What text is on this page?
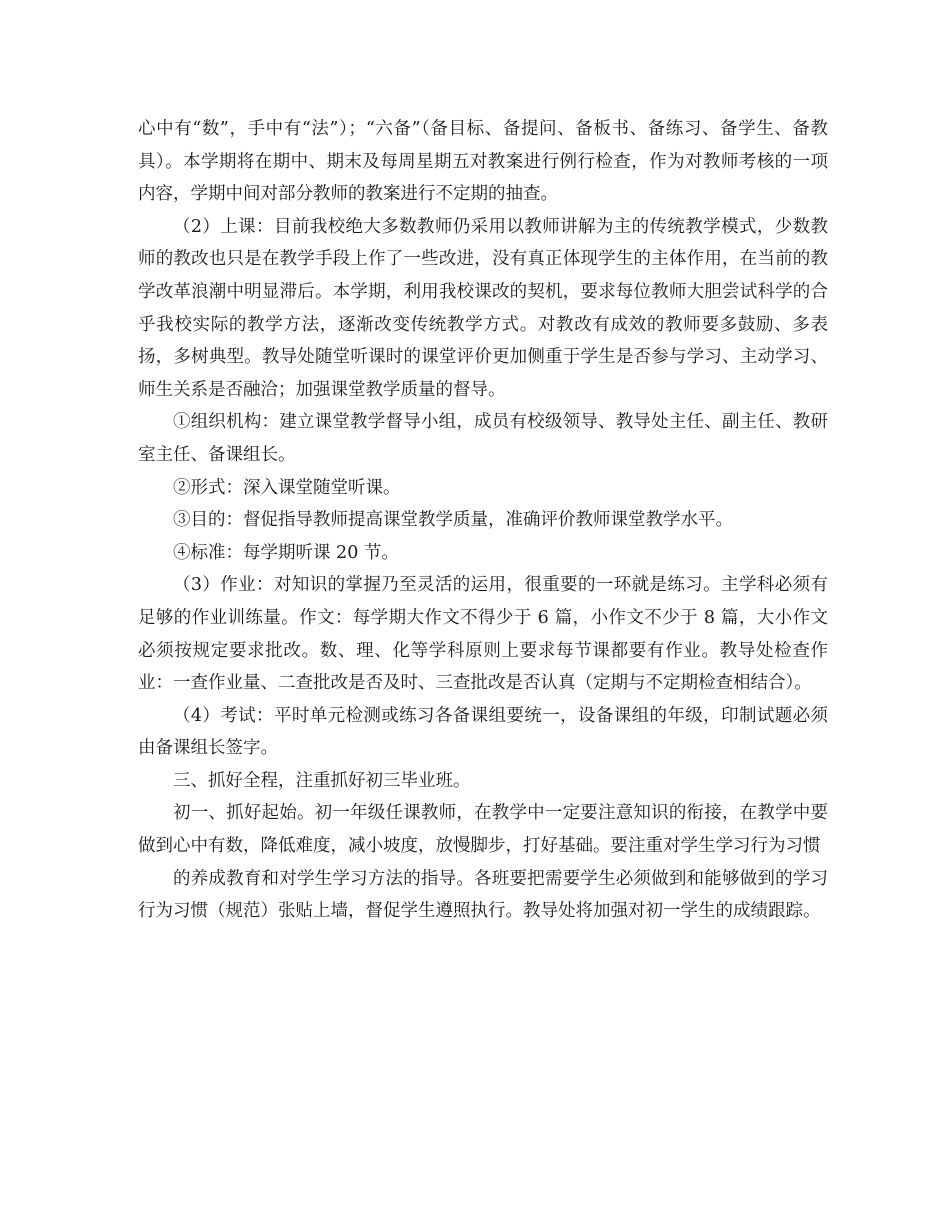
心中有“数”，手中有“法”）；“六备”（备目标、备提问、备板书、备练习、备学生、备教具）。本学期将在期中、期末及每周星期五对教案进行例行检查，作为对教师考核的一项内容，学期中间对部分教师的教案进行不定期的抽查。

（2）上课：目前我校绝大多数教师仍采用以教师讲解为主的传统教学模式，少数教师的教改也只是在教学手段上作了一些改进，没有真正体现学生的主体作用，在当前的教学改革浪潮中明显滞后。本学期，利用我校课改的契机，要求每位教师大胆尝试科学的合乎我校实际的教学方法，逐渐改变传统教学方式。对教改有成效的教师要多鼓励、多表扬，多树典型。教导处随堂听课时的课堂评价更加侧重于学生是否参与学习、主动学习、师生关系是否融洽；加强课堂教学质量的督导。

①组织机构：建立课堂教学督导小组，成员有校级领导、教导处主任、副主任、教研室主任、备课组长。

②形式：深入课堂随堂听课。

③目的：督促指导教师提高课堂教学质量，准确评价教师课堂教学水平。

④标准：每学期听课 20 节。

（3）作业：对知识的掌握乃至灵活的运用，很重要的一环就是练习。主学科必须有足够的作业训练量。作文：每学期大作文不得少于 6 篇，小作文不少于 8 篇，大小作文必须按规定要求批改。数、理、化等学科原则上要求每节课都要有作业。教导处检查作业：一查作业量、二查批改是否及时、三查批改是否认真（定期与不定期检查相结合）。

（4）考试：平时单元检测或练习各备课组要统一，设备课组的年级，印制试题必须由备课组长签字。

三、抓好全程，注重抓好初三毕业班。

初一、抓好起始。初一年级任课教师，在教学中一定要注意知识的衔接，在教学中要做到心中有数，降低难度，减小坡度，放慢脚步，打好基础。要注重对学生学习行为习惯

的养成教育和对学生学习方法的指导。各班要把需要学生必须做到和能够做到的学习行为习惯（规范）张贴上墙，督促学生遵照执行。教导处将加强对初一学生的成绩跟踪。
